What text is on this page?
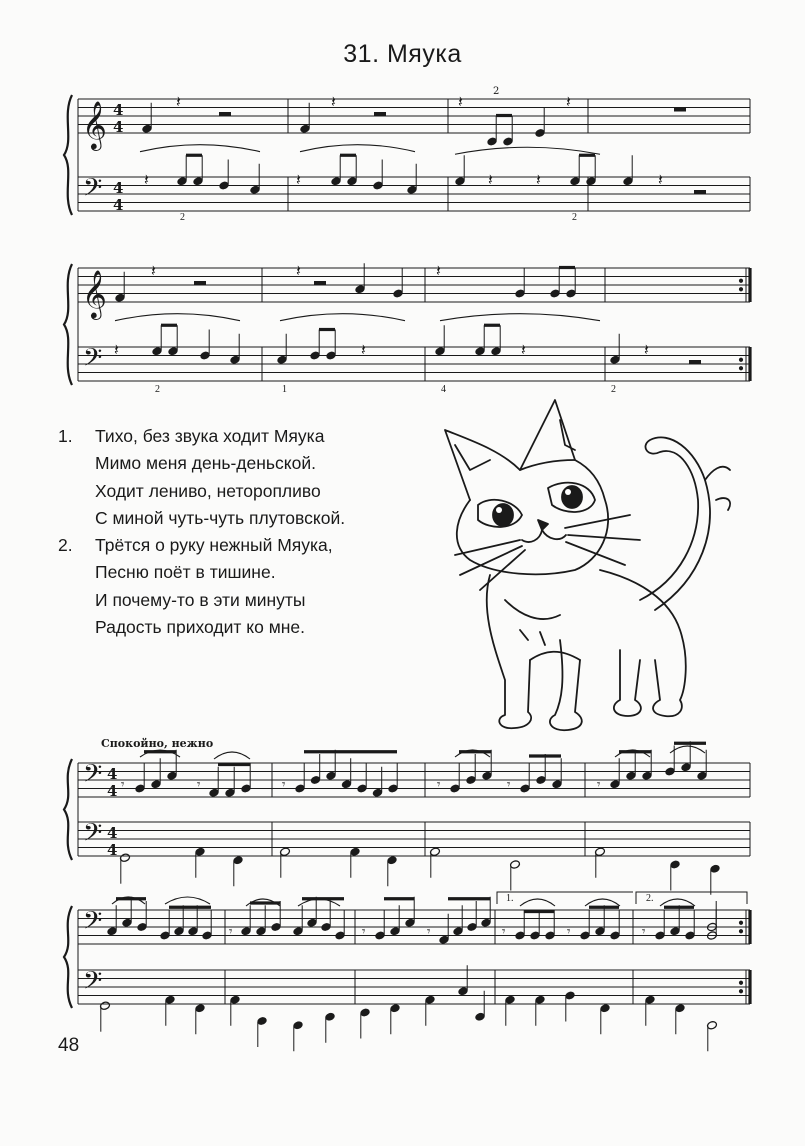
31. Мяука
𝄞 4
4
𝄢 4
4
𝄽	𝄽	𝄽	𝄽
2
𝄽	𝄽	𝄽	𝄽	𝄽
2	2
𝄞
𝄢
𝄽	𝄽	𝄽
𝄽	𝄽	𝄽	𝄽
2	1	4	2
𝄢 4
4
𝄢 4
4
𝄾	𝄾	𝄾	𝄾	𝄾	𝄾
𝄢
𝄢
𝄾	𝄾	𝄾	𝄾	𝄾	𝄾
1.	2.
1.	Тихо, без звука ходит Мяука
Мимо меня день-деньской.
Ходит лениво, неторопливо
С миной чуть-чуть плутовской.
2.	Трётся о руку нежный Мяука,
Песню поёт в тишине.
И почему-то в эти минуты
Радость приходит ко мне.
Спокойно, нежно
48
